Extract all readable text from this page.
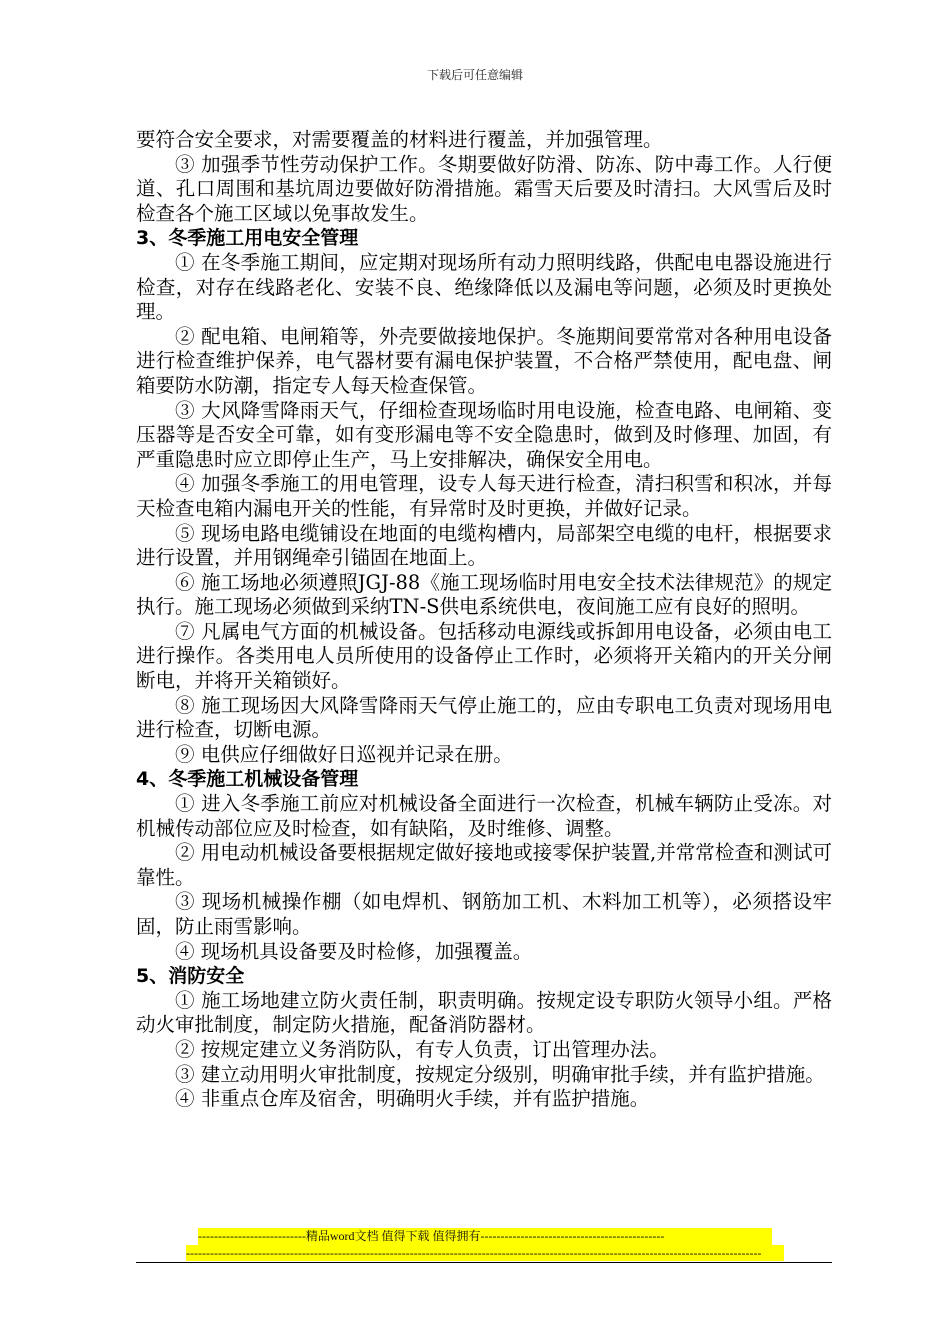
下载后可任意编辑

要符合安全要求，对需要覆盖的材料进行覆盖，并加强管理。

③ 加强季节性劳动保护工作。冬期要做好防滑、防冻、防中毒工作。人行便道、孔口周围和基坑周边要做好防滑措施。霜雪天后要及时清扫。大风雪后及时检查各个施工区域以免事故发生。

3、冬季施工用电安全管理

① 在冬季施工期间，应定期对现场所有动力照明线路，供配电电器设施进行检查，对存在线路老化、安装不良、绝缘降低以及漏电等问题，必须及时更换处理。

② 配电箱、电闸箱等，外壳要做接地保护。冬施期间要常常对各种用电设备进行检查维护保养，电气器材要有漏电保护装置，不合格严禁使用，配电盘、闸箱要防水防潮，指定专人每天检查保管。

③ 大风降雪降雨天气，仔细检查现场临时用电设施，检查电路、电闸箱、变压器等是否安全可靠，如有变形漏电等不安全隐患时，做到及时修理、加固，有严重隐患时应立即停止生产，马上安排解决，确保安全用电。

④ 加强冬季施工的用电管理，设专人每天进行检查，清扫积雪和积冰，并每天检查电箱内漏电开关的性能，有异常时及时更换，并做好记录。

⑤ 现场电路电缆铺设在地面的电缆构槽内，局部架空电缆的电杆，根据要求进行设置，并用钢绳牵引锚固在地面上。

⑥ 施工场地必须遵照JGJ-88《施工现场临时用电安全技术法律规范》的规定执行。施工现场必须做到采纳TN-S供电系统供电，夜间施工应有良好的照明。

⑦ 凡属电气方面的机械设备。包括移动电源线或拆卸用电设备，必须由电工进行操作。各类用电人员所使用的设备停止工作时，必须将开关箱内的开关分闸断电，并将开关箱锁好。

⑧ 施工现场因大风降雪降雨天气停止施工的，应由专职电工负责对现场用电进行检查，切断电源。

⑨ 电供应仔细做好日巡视并记录在册。

4、冬季施工机械设备管理

① 进入冬季施工前应对机械设备全面进行一次检查，机械车辆防止受冻。对机械传动部位应及时检查，如有缺陷，及时维修、调整。

② 用电动机械设备要根据规定做好接地或接零保护装置,并常常检查和测试可靠性。

③ 现场机械操作棚（如电焊机、钢筋加工机、木料加工机等），必须搭设牢固，防止雨雪影响。

④ 现场机具设备要及时检修，加强覆盖。

5、消防安全

① 施工场地建立防火责任制，职责明确。按规定设专职防火领导小组。严格动火审批制度，制定防火措施，配备消防器材。

② 按规定建立义务消防队，有专人负责，订出管理办法。

③ 建立动用明火审批制度，按规定分级别，明确审批手续，并有监护措施。

④ 非重点仓库及宿舍，明确明火手续，并有监护措施。

---------------------------精品word文档 值得下载 值得拥有----------------------------------------------
------------------------------------------------------------------------------------------------------------------------------------------------
